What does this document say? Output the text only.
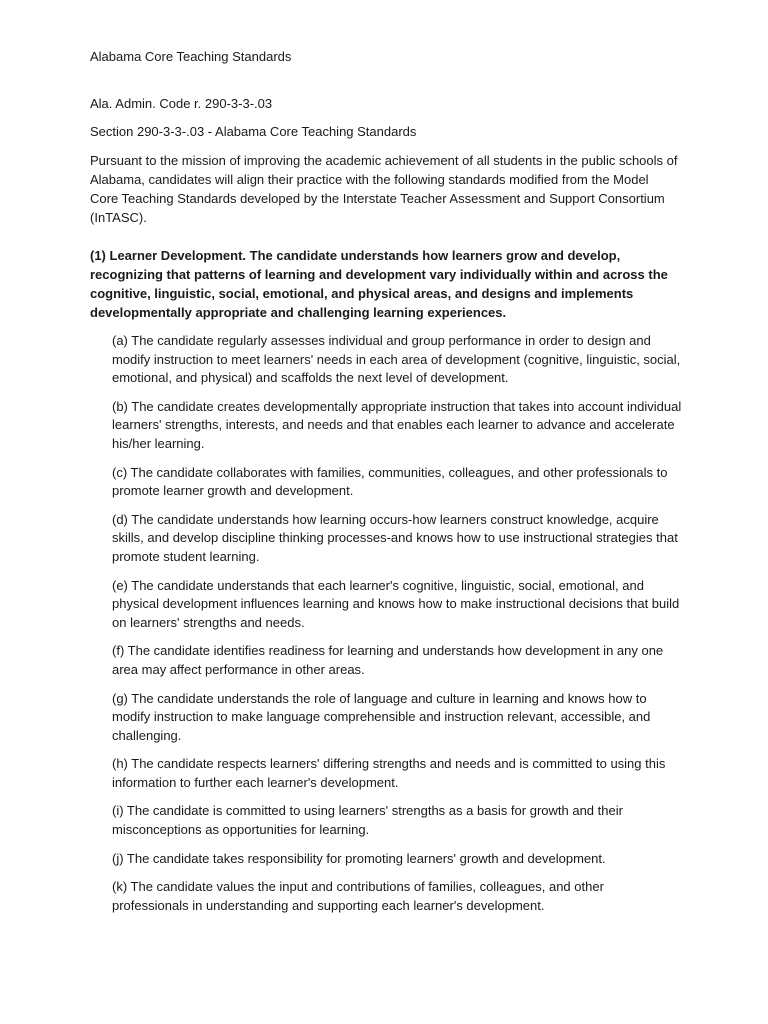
Alabama Core Teaching Standards

Ala. Admin. Code r. 290-3-3-.03

Section 290-3-3-.03 - Alabama Core Teaching Standards

Pursuant to the mission of improving the academic achievement of all students in the public schools of Alabama, candidates will align their practice with the following standards modified from the Model Core Teaching Standards developed by the Interstate Teacher Assessment and Support Consortium (InTASC).

(1) Learner Development. The candidate understands how learners grow and develop, recognizing that patterns of learning and development vary individually within and across the cognitive, linguistic, social, emotional, and physical areas, and designs and implements developmentally appropriate and challenging learning experiences.

(a) The candidate regularly assesses individual and group performance in order to design and modify instruction to meet learners' needs in each area of development (cognitive, linguistic, social, emotional, and physical) and scaffolds the next level of development.
(b) The candidate creates developmentally appropriate instruction that takes into account individual learners' strengths, interests, and needs and that enables each learner to advance and accelerate his/her learning.
(c) The candidate collaborates with families, communities, colleagues, and other professionals to promote learner growth and development.
(d) The candidate understands how learning occurs-how learners construct knowledge, acquire skills, and develop discipline thinking processes-and knows how to use instructional strategies that promote student learning.
(e) The candidate understands that each learner's cognitive, linguistic, social, emotional, and physical development influences learning and knows how to make instructional decisions that build on learners' strengths and needs.
(f) The candidate identifies readiness for learning and understands how development in any one area may affect performance in other areas.
(g) The candidate understands the role of language and culture in learning and knows how to modify instruction to make language comprehensible and instruction relevant, accessible, and challenging.
(h) The candidate respects learners' differing strengths and needs and is committed to using this information to further each learner's development.
(i) The candidate is committed to using learners' strengths as a basis for growth and their misconceptions as opportunities for learning.
(j) The candidate takes responsibility for promoting learners' growth and development.
(k) The candidate values the input and contributions of families, colleagues, and other professionals in understanding and supporting each learner's development.
